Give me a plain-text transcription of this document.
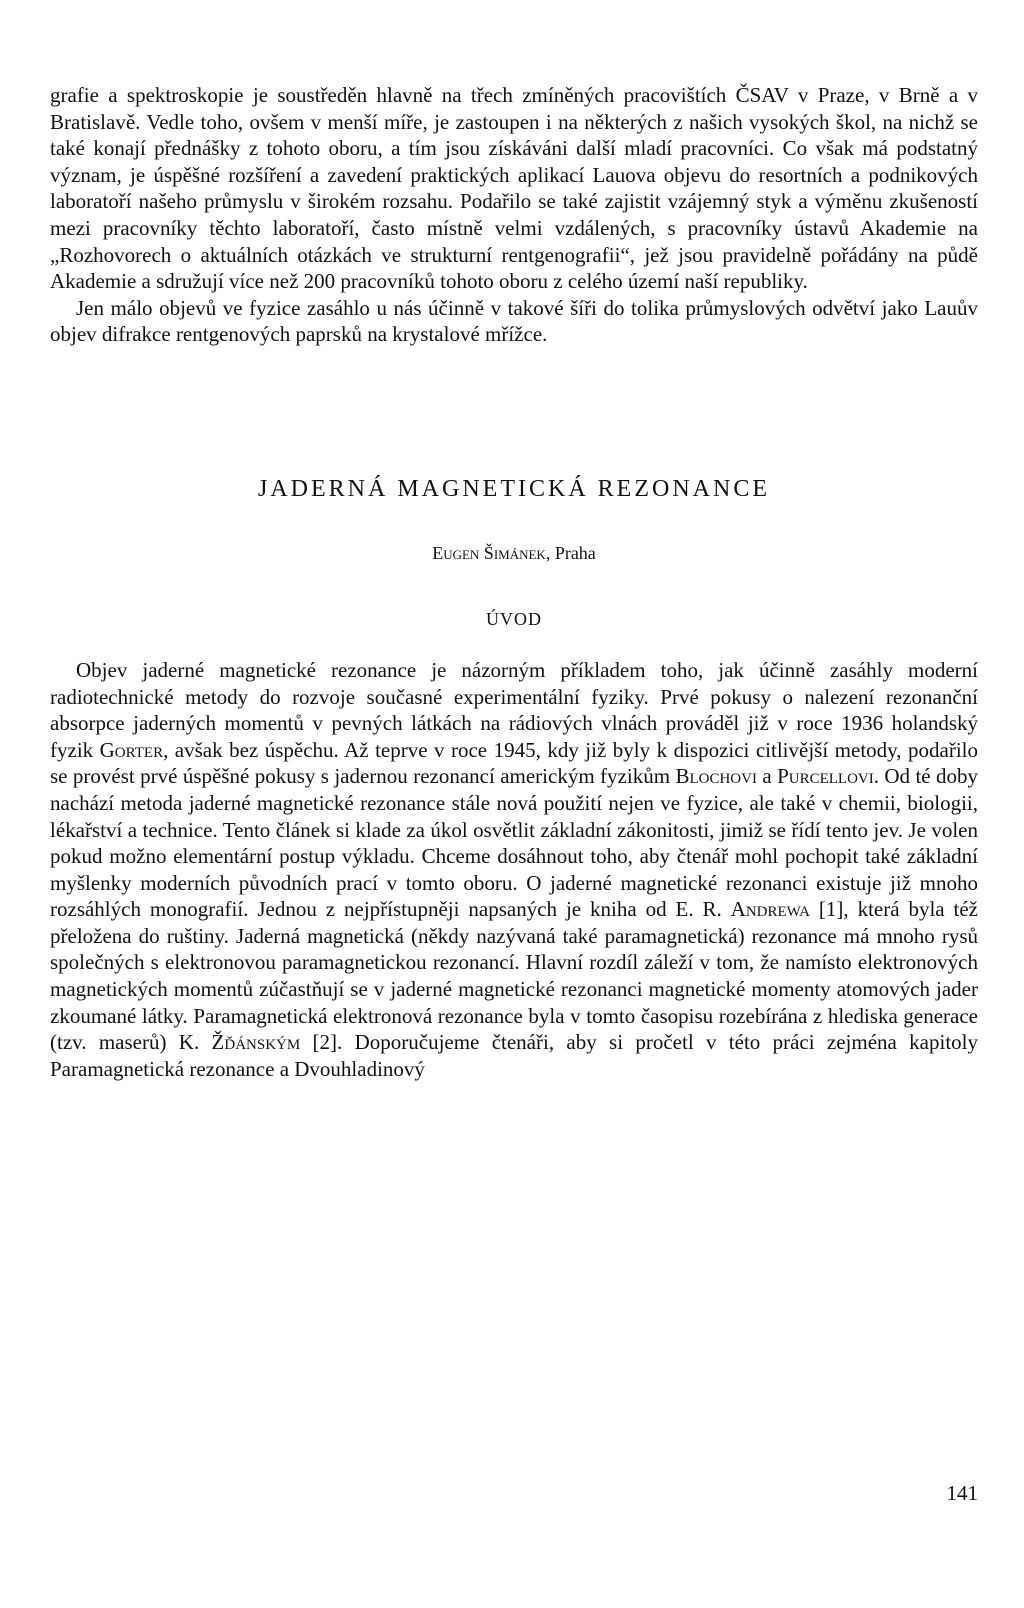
grafie a spektroskopie je soustředěn hlavně na třech zmíněných pracovištích ČSAV v Praze, v Brně a v Bratislavě. Vedle toho, ovšem v menší míře, je zastoupen i na některých z našich vysokých škol, na nichž se také konají přednášky z tohoto oboru, a tím jsou získáváni další mladí pracovníci. Co však má podstatný význam, je úspěšné rozšíření a zavedení praktických aplikací Lauova objevu do resortních a podnikových laboratoří našeho průmyslu v širokém rozsahu. Podařilo se také zajistit vzájemný styk a výměnu zkušeností mezi pracovníky těchto laboratoří, často místně velmi vzdálených, s pracovníky ústavů Akademie na „Rozhovorech o aktuálních otázkách ve strukturní rentgenografii“, jež jsou pravidelně pořádány na půdě Akademie a sdružují více než 200 pracovníků tohoto oboru z celého území naší republiky.

Jen málo objevů ve fyzice zasáhlo u nás účinně v takové šíři do tolika průmyslových odvětví jako Lauův objev difrakce rentgenových paprsků na krystalové mřížce.

JADERNÁ MAGNETICKÁ REZONANCE
Eugen Šimánek, Praha
ÚVOD

Objev jaderné magnetické rezonance je názorným příkladem toho, jak účinně zasáhly moderní radiotechnické metody do rozvoje současné experimentální fyziky. Prvé pokusy o nalezení rezonanční absorpce jaderných momentů v pevných látkách na rádiových vlnách prováděl již v roce 1936 holandský fyzik Gorter, avšak bez úspěchu. Až teprve v roce 1945, kdy již byly k dispozici citlivější metody, podařilo se provést prvé úspěšné pokusy s jadernou rezonancí americkým fyzikům Blochovi a Purcellovi. Od té doby nachází metoda jaderné magnetické rezonance stále nová použití nejen ve fyzice, ale také v chemii, biologii, lékařství a technice. Tento článek si klade za úkol osvětlit základní zákonitosti, jimiž se řídí tento jev. Je volen pokud možno elementární postup výkladu. Chceme dosáhnout toho, aby čtenář mohl pochopit také základní myšlenky moderních původních prací v tomto oboru. O jaderné magnetické rezonanci existuje již mnoho rozsáhlých monografií. Jednou z nejpřístupněji napsaných je kniha od E. R. Andrewa [1], která byla též přeložena do ruštiny. Jaderná magnetická (někdy nazývaná také paramagnetická) rezonance má mnoho rysů společných s elektronovou paramagnetickou rezonancí. Hlavní rozdíl záleží v tom, že namísto elektronových magnetických momentů zúčastňují se v jaderné magnetické rezonanci magnetické momenty atomových jader zkoumané látky. Paramagnetická elektronová rezonance byla v tomto časopisu rozebírána z hlediska generace (tzv. maserů) K. Žďánským [2]. Doporučujeme čtenáři, aby si pročetl v této práci zejména kapitoly Paramagnetická rezonance a Dvouhladinový

141
